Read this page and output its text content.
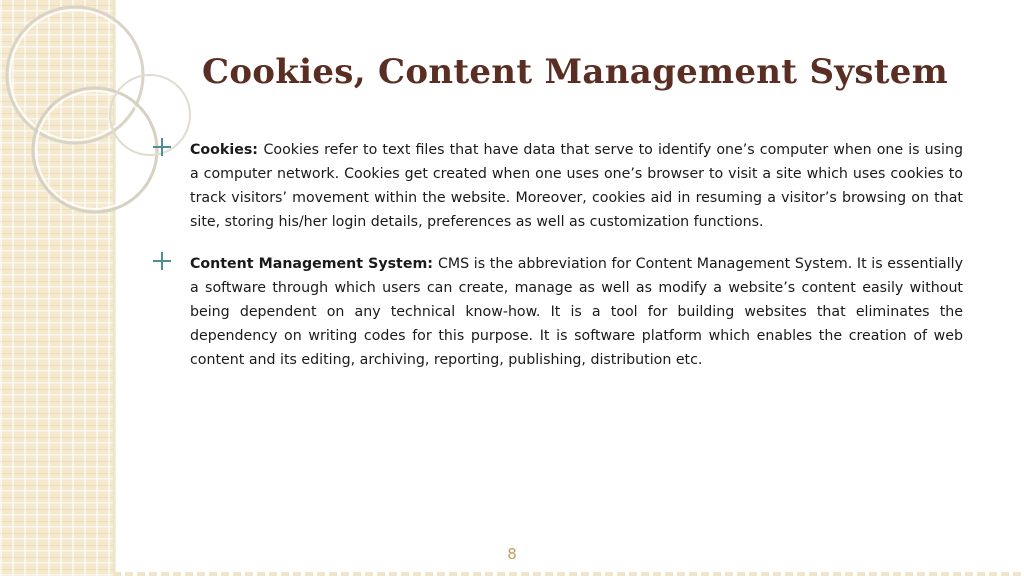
Cookies, Content Management System
Cookies: Cookies refer to text files that have data that serve to identify one’s computer when one is using a computer network. Cookies get created when one uses one’s browser to visit a site which uses cookies to track visitors’ movement within the website. Moreover, cookies aid in resuming a visitor’s browsing on that site, storing his/her login details, preferences as well as customization functions.
Content Management System: CMS is the abbreviation for Content Management System. It is essentially a software through which users can create, manage as well as modify a website’s content easily without being dependent on any technical know-how. It is a tool for building websites that eliminates the dependency on writing codes for this purpose. It is software platform which enables the creation of web content and its editing, archiving, reporting, publishing, distribution etc.
8
